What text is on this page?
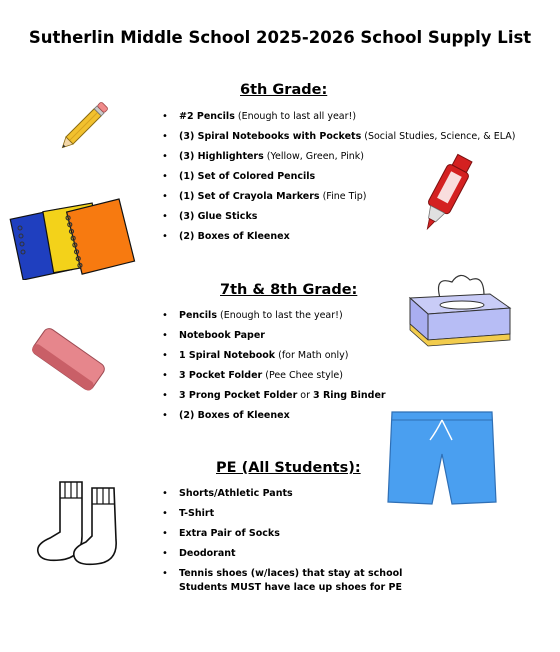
Sutherlin Middle School 2025-2026 School Supply List
6th Grade:
• #2 Pencils (Enough to last all year!)
• (3) Spiral Notebooks with Pockets (Social Studies, Science, & ELA)
• (3) Highlighters (Yellow, Green, Pink)
• (1) Set of Colored Pencils
• (1) Set of Crayola Markers (Fine Tip)
• (3) Glue Sticks
• (2) Boxes of Kleenex
7th & 8th Grade:
• Pencils (Enough to last the year!)
• Notebook Paper
• 1 Spiral Notebook (for Math only)
• 3 Pocket Folder (Pee Chee style)
• 3 Prong Pocket Folder or 3 Ring Binder
• (2) Boxes of Kleenex
PE (All Students):
• Shorts/Athletic Pants
• T-Shirt
• Extra Pair of Socks
• Deodorant
• Tennis shoes (w/laces) that stay at school
Students MUST have lace up shoes for PE
